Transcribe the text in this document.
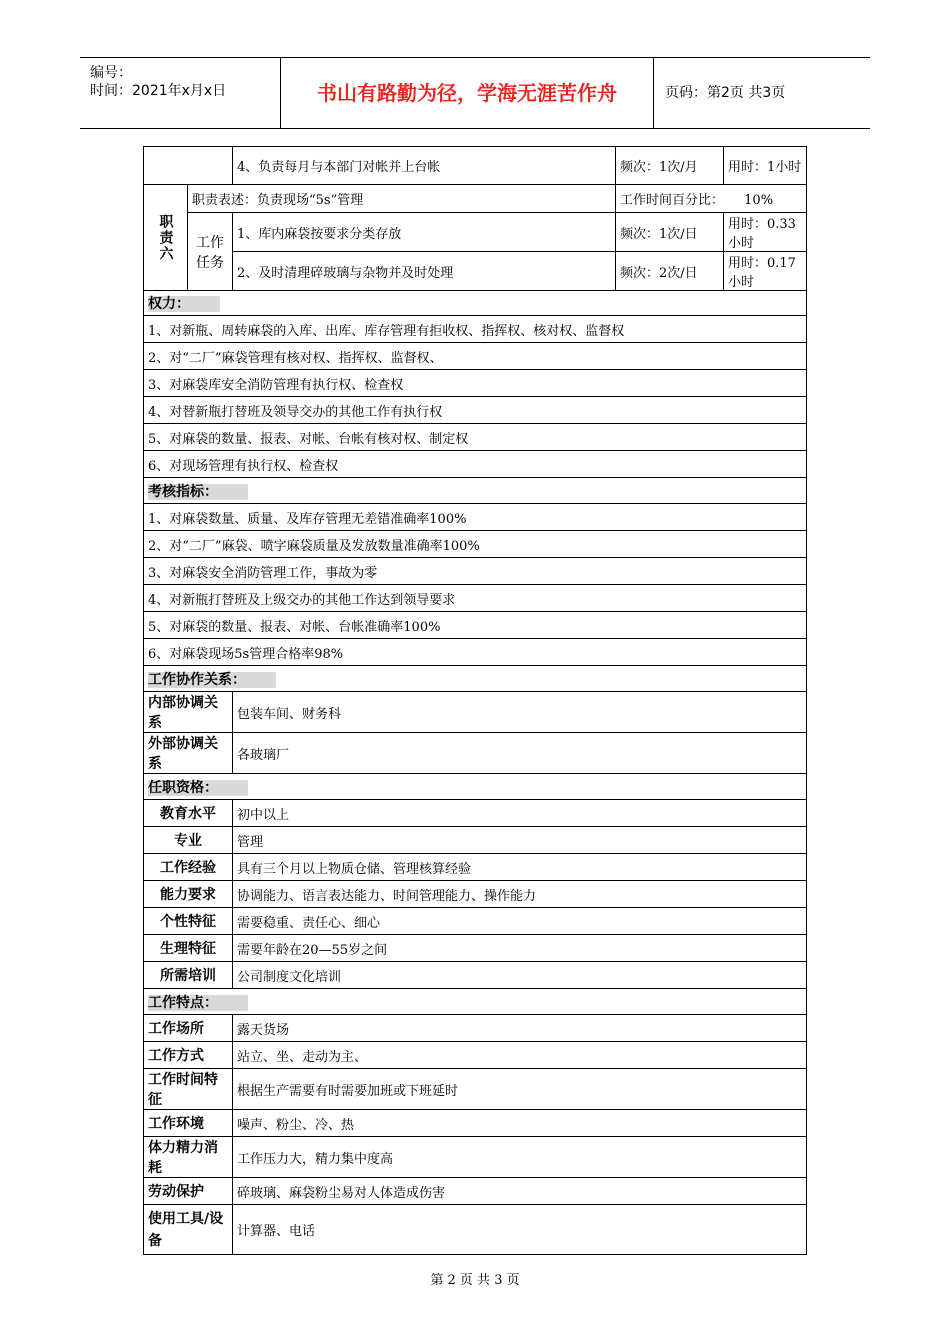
编号：
时间：2021年x月x日	书山有路勤为径，学海无涯苦作舟	页码：第2页 共3页
		4、负责每月与本部门对帐并上台帐	频次：1次/月	用时：1小时
职责六	职责表述：负责现场“5s”管理		工作时间百分比： 10%	
	工作任务	1、库内麻袋按要求分类存放	频次：1次/日	用时：0.33小时
		2、及时清理碎玻璃与杂物并及时处理	频次：2次/日	用时：0.17小时
权力：				
1、对新瓶、周转麻袋的入库、出库、库存管理有拒收权、指挥权、核对权、监督权				
2、对“二厂”麻袋管理有核对权、指挥权、监督权、				
3、对麻袋库安全消防管理有执行权、检查权				
4、对替新瓶打替班及领导交办的其他工作有执行权				
5、对麻袋的数量、报表、对帐、台帐有核对权、制定权				
6、对现场管理有执行权、检查权				
考核指标：				
1、对麻袋数量、质量、及库存管理无差错准确率100%				
2、对“二厂”麻袋、喷字麻袋质量及发放数量准确率100%				
3、对麻袋安全消防管理工作，事故为零				
4、对新瓶打替班及上级交办的其他工作达到领导要求				
5、对麻袋的数量、报表、对帐、台帐准确率100%				
6、对麻袋现场5s管理合格率98%				
工作协作关系：				
内部协调关系		包装车间、财务科		
外部协调关系		各玻璃厂		
任职资格：				
教育水平		初中以上		
专业		管理		
工作经验		具有三个月以上物质仓储、管理核算经验		
能力要求		协调能力、语言表达能力、时间管理能力、操作能力		
个性特征		需要稳重、责任心、细心		
生理特征		需要年龄在20—55岁之间		
所需培训		公司制度文化培训		
工作特点：				
工作场所		露天货场		
工作方式		站立、坐、走动为主、		
工作时间特征		根据生产需要有时需要加班或下班延时		
工作环境		噪声、粉尘、冷、热		
体力精力消耗		工作压力大，精力集中度高		
劳动保护		碎玻璃、麻袋粉尘易对人体造成伤害		
使用工具/设备		计算器、电话		
第 2 页 共 3 页
